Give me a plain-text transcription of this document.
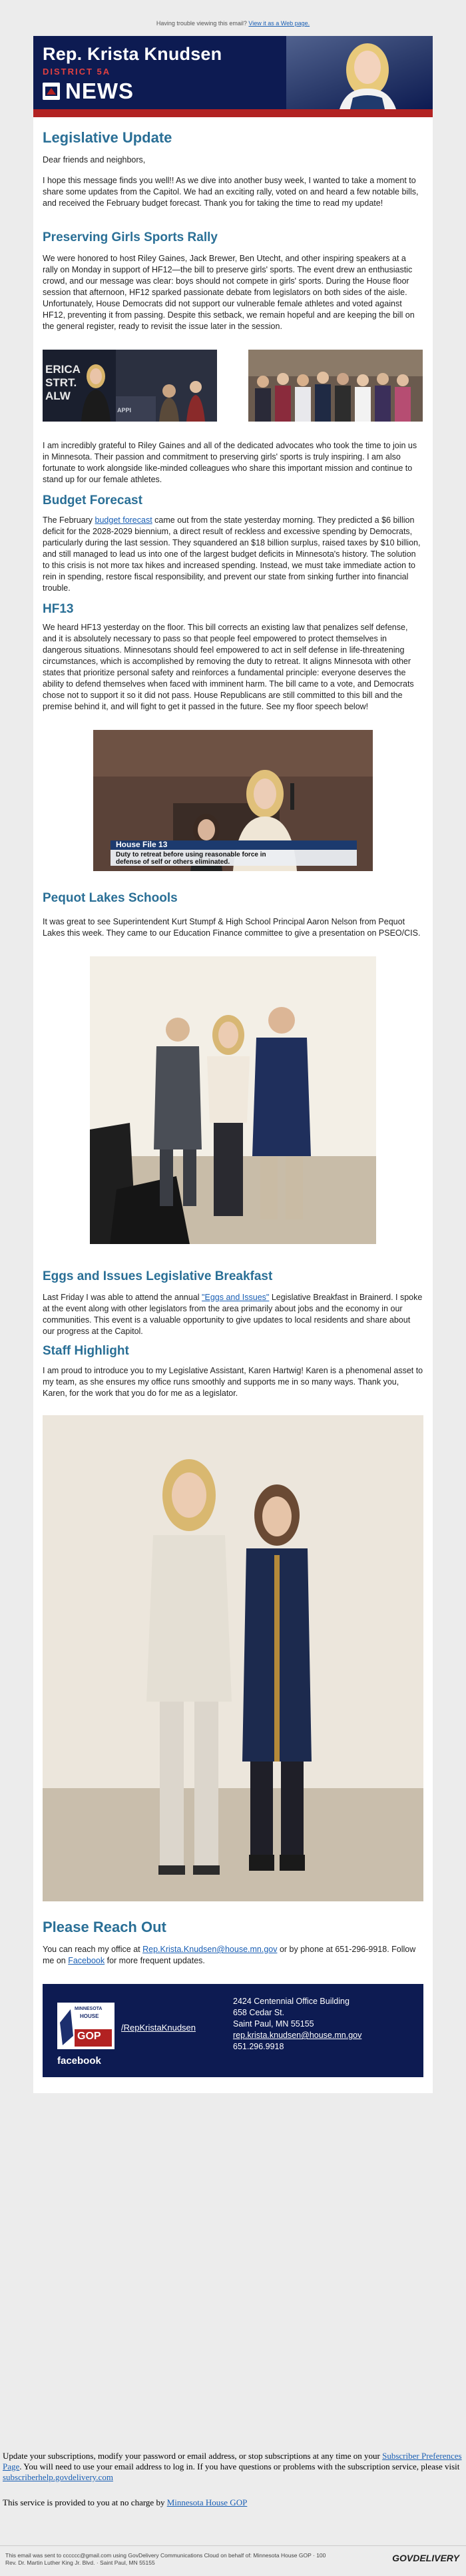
Having trouble viewing this email? View it as a Web page.
Rep. Krista Knudsen
DISTRICT 5A
NEWS
Legislative Update

Dear friends and neighbors,

I hope this message finds you well!! As we dive into another busy week, I wanted to take a moment to share some updates from the Capitol. We had an exciting rally, voted on and heard a few notable bills, and received the February budget forecast. Thank you for taking the time to read my update!

Preserving Girls Sports Rally

We were honored to host Riley Gaines, Jack Brewer, Ben Utecht, and other inspiring speakers at a rally on Monday in support of HF12—the bill to preserve girls' sports. The event drew an enthusiastic crowd, and our message was clear: boys should not compete in girls' sports. During the House floor session that afternoon, HF12 sparked passionate debate from legislators on both sides of the aisle. Unfortunately, House Democrats did not support our vulnerable female athletes and voted against HF12, preventing it from passing. Despite this setback, we remain hopeful and are keeping the bill on the general register, ready to revisit the issue later in the session.

ERICA STRT. ALW
APPI

I am incredibly grateful to Riley Gaines and all of the dedicated advocates who took the time to join us in Minnesota. Their passion and commitment to preserving girls' sports is truly inspiring. I am also fortunate to work alongside like-minded colleagues who share this important mission and continue to stand up for our female athletes.

Budget Forecast

The February budget forecast came out from the state yesterday morning. They predicted a $6 billion deficit for the 2028-2029 biennium, a direct result of reckless and excessive spending by Democrats, particularly during the last session. They squandered an $18 billion surplus, raised taxes by $10 billion, and still managed to lead us into one of the largest budget deficits in Minnesota's history. The solution to this crisis is not more tax hikes and increased spending. Instead, we must take immediate action to rein in spending, restore fiscal responsibility, and prevent our state from sinking further into financial trouble.

HF13

We heard HF13 yesterday on the floor. This bill corrects an existing law that penalizes self defense, and it is absolutely necessary to pass so that people feel empowered to protect themselves in dangerous situations. Minnesotans should feel empowered to act in self defense in life-threatening circumstances, which is accomplished by removing the duty to retreat. It aligns Minnesota with other states that prioritize personal safety and reinforces a fundamental principle: everyone deserves the ability to defend themselves when faced with imminent harm. The bill came to a vote, and Democrats chose not to support it so it did not pass. House Republicans are still committed to this bill and the premise behind it, and will fight to get it passed in the future. See my floor speech below!

House File 13
Duty to retreat before using reasonable force in defense of self or others eliminated.
Pequot Lakes Schools

It was great to see Superintendent Kurt Stumpf & High School Principal Aaron Nelson from Pequot Lakes this week. They came to our Education Finance committee to give a presentation on PSEO/CIS.

Eggs and Issues Legislative Breakfast

Last Friday I was able to attend the annual "Eggs and Issues" Legislative Breakfast in Brainerd. I spoke at the event along with other legislators from the area primarily about jobs and the economy in our communities. This event is a valuable opportunity to give updates to local residents and share about our progress at the Capitol.

Staff Highlight

I am proud to introduce you to my Legislative Assistant, Karen Hartwig! Karen is a phenomenal asset to my team, as she ensures my office runs smoothly and supports me in so many ways. Thank you, Karen, for the work that you do for me as a legislator.

Please Reach Out

You can reach my office at Rep.Krista.Knudsen@house.mn.gov or by phone at 651-296-9918. Follow me on Facebook for more frequent updates.

MINNESOTA
HOUSE
GOP
facebook
/RepKristaKnudsen
2424 Centennial Office Building
658 Cedar St.
Saint Paul, MN 55155
rep.krista.knudsen@house.mn.gov
651.296.9918
Update your subscriptions, modify your password or email address, or stop subscriptions at any time on your Subscriber Preferences Page. You will need to use your email address to log in. If you have questions or problems with the subscription service, please visit subscriberhelp.govdelivery.com
This service is provided to you at no charge by Minnesota House GOP
This email was sent to cccccc@gmail.com using GovDelivery Communications Cloud on behalf of: Minnesota House GOP · 100
Rev. Dr. Martin Luther King Jr. Blvd. · Saint Paul, MN 55155	GOVDELIVERY
